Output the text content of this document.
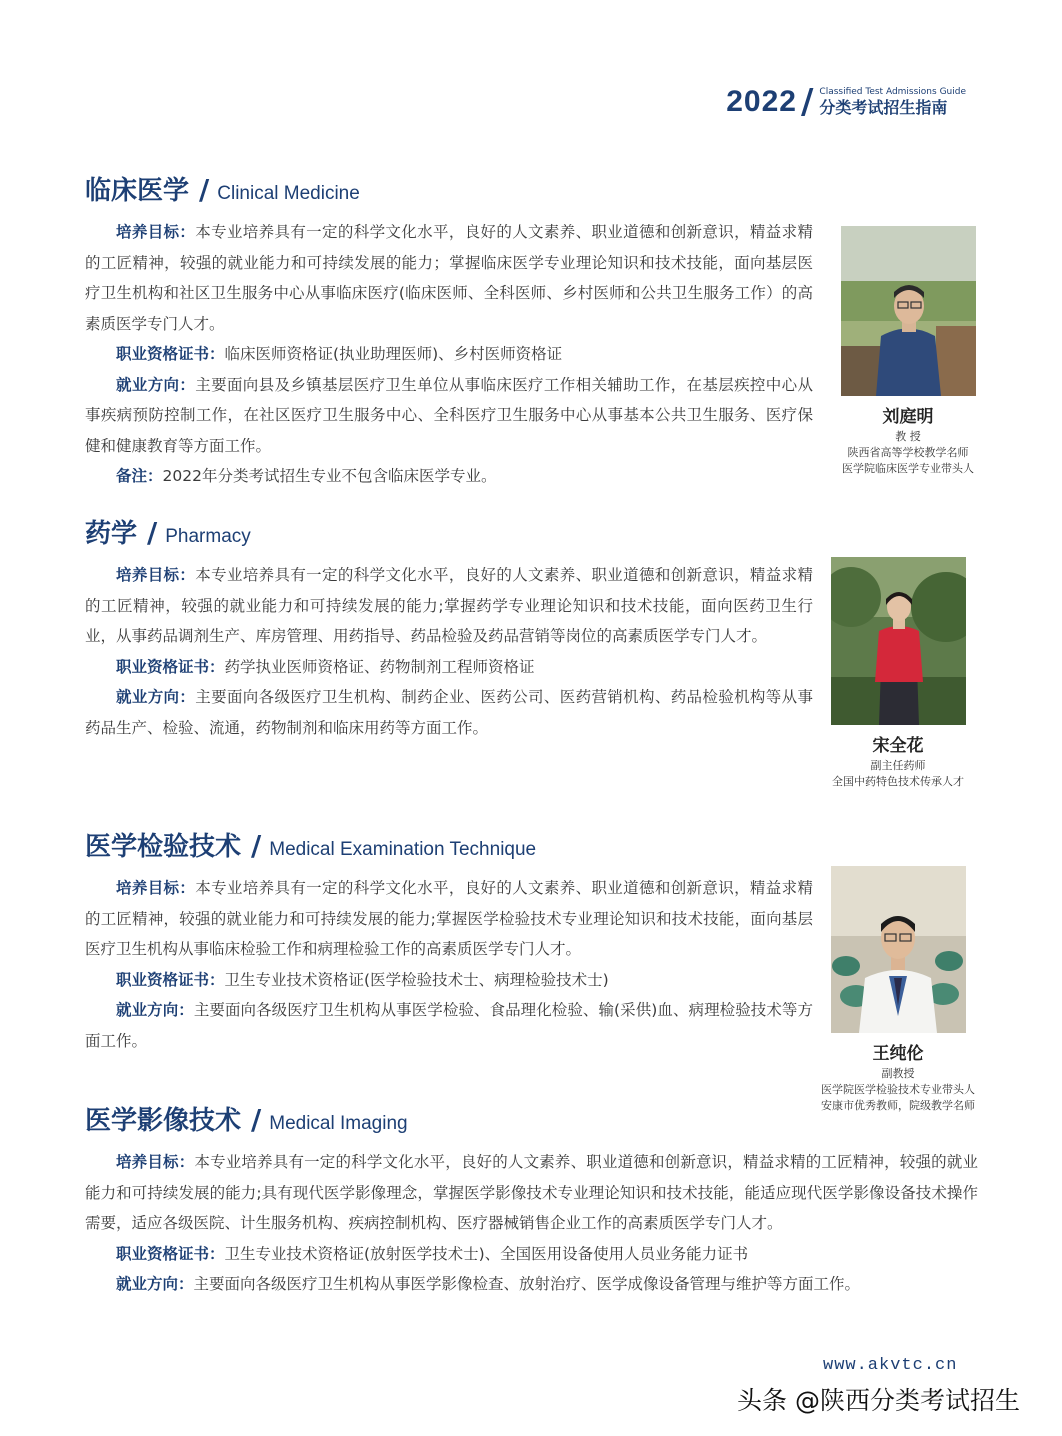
2022 / Classified Test Admissions Guide
分类考试招生指南
临床医学 / Clinical Medicine
培养目标：本专业培养具有一定的科学文化水平，良好的人文素养、职业道德和创新意识，精益求精的工匠精神，较强的就业能力和可持续发展的能力；掌握临床医学专业理论知识和技术技能，面向基层医疗卫生机构和社区卫生服务中心从事临床医疗(临床医师、全科医师、乡村医师和公共卫生服务工作）的高素质医学专门人才。
职业资格证书：临床医师资格证(执业助理医师)、乡村医师资格证
就业方向：主要面向县及乡镇基层医疗卫生单位从事临床医疗工作相关辅助工作，在基层疾控中心从事疾病预防控制工作，在社区医疗卫生服务中心、全科医疗卫生服务中心从事基本公共卫生服务、医疗保健和健康教育等方面工作。
备注：2022年分类考试招生专业不包含临床医学专业。
刘庭明
教 授
陕西省高等学校教学名师
医学院临床医学专业带头人
药学 / Pharmacy
培养目标：本专业培养具有一定的科学文化水平，良好的人文素养、职业道德和创新意识，精益求精的工匠精神，较强的就业能力和可持续发展的能力;掌握药学专业理论知识和技术技能，面向医药卫生行业，从事药品调剂生产、库房管理、用药指导、药品检验及药品营销等岗位的高素质医学专门人才。
职业资格证书：药学执业医师资格证、药物制剂工程师资格证
就业方向：主要面向各级医疗卫生机构、制药企业、医药公司、医药营销机构、药品检验机构等从事药品生产、检验、流通，药物制剂和临床用药等方面工作。
宋全花
副主任药师
全国中药特色技术传承人才
医学检验技术 / Medical Examination Technique
培养目标：本专业培养具有一定的科学文化水平，良好的人文素养、职业道德和创新意识，精益求精的工匠精神，较强的就业能力和可持续发展的能力;掌握医学检验技术专业理论知识和技术技能，面向基层医疗卫生机构从事临床检验工作和病理检验工作的高素质医学专门人才。
职业资格证书：卫生专业技术资格证(医学检验技术士、病理检验技术士)
就业方向：主要面向各级医疗卫生机构从事医学检验、食品理化检验、输(采供)血、病理检验技术等方面工作。
王纯伦
副教授
医学院医学检验技术专业带头人
安康市优秀教师，院级教学名师
医学影像技术 / Medical Imaging
培养目标：本专业培养具有一定的科学文化水平，良好的人文素养、职业道德和创新意识，精益求精的工匠精神，较强的就业能力和可持续发展的能力;具有现代医学影像理念，掌握医学影像技术专业理论知识和技术技能，能适应现代医学影像设备技术操作需要，适应各级医院、计生服务机构、疾病控制机构、医疗器械销售企业工作的高素质医学专门人才。
职业资格证书：卫生专业技术资格证(放射医学技术士)、全国医用设备使用人员业务能力证书
就业方向：主要面向各级医疗卫生机构从事医学影像检查、放射治疗、医学成像设备管理与维护等方面工作。
www.akvtc.cn
头条 @陕西分类考试招生
